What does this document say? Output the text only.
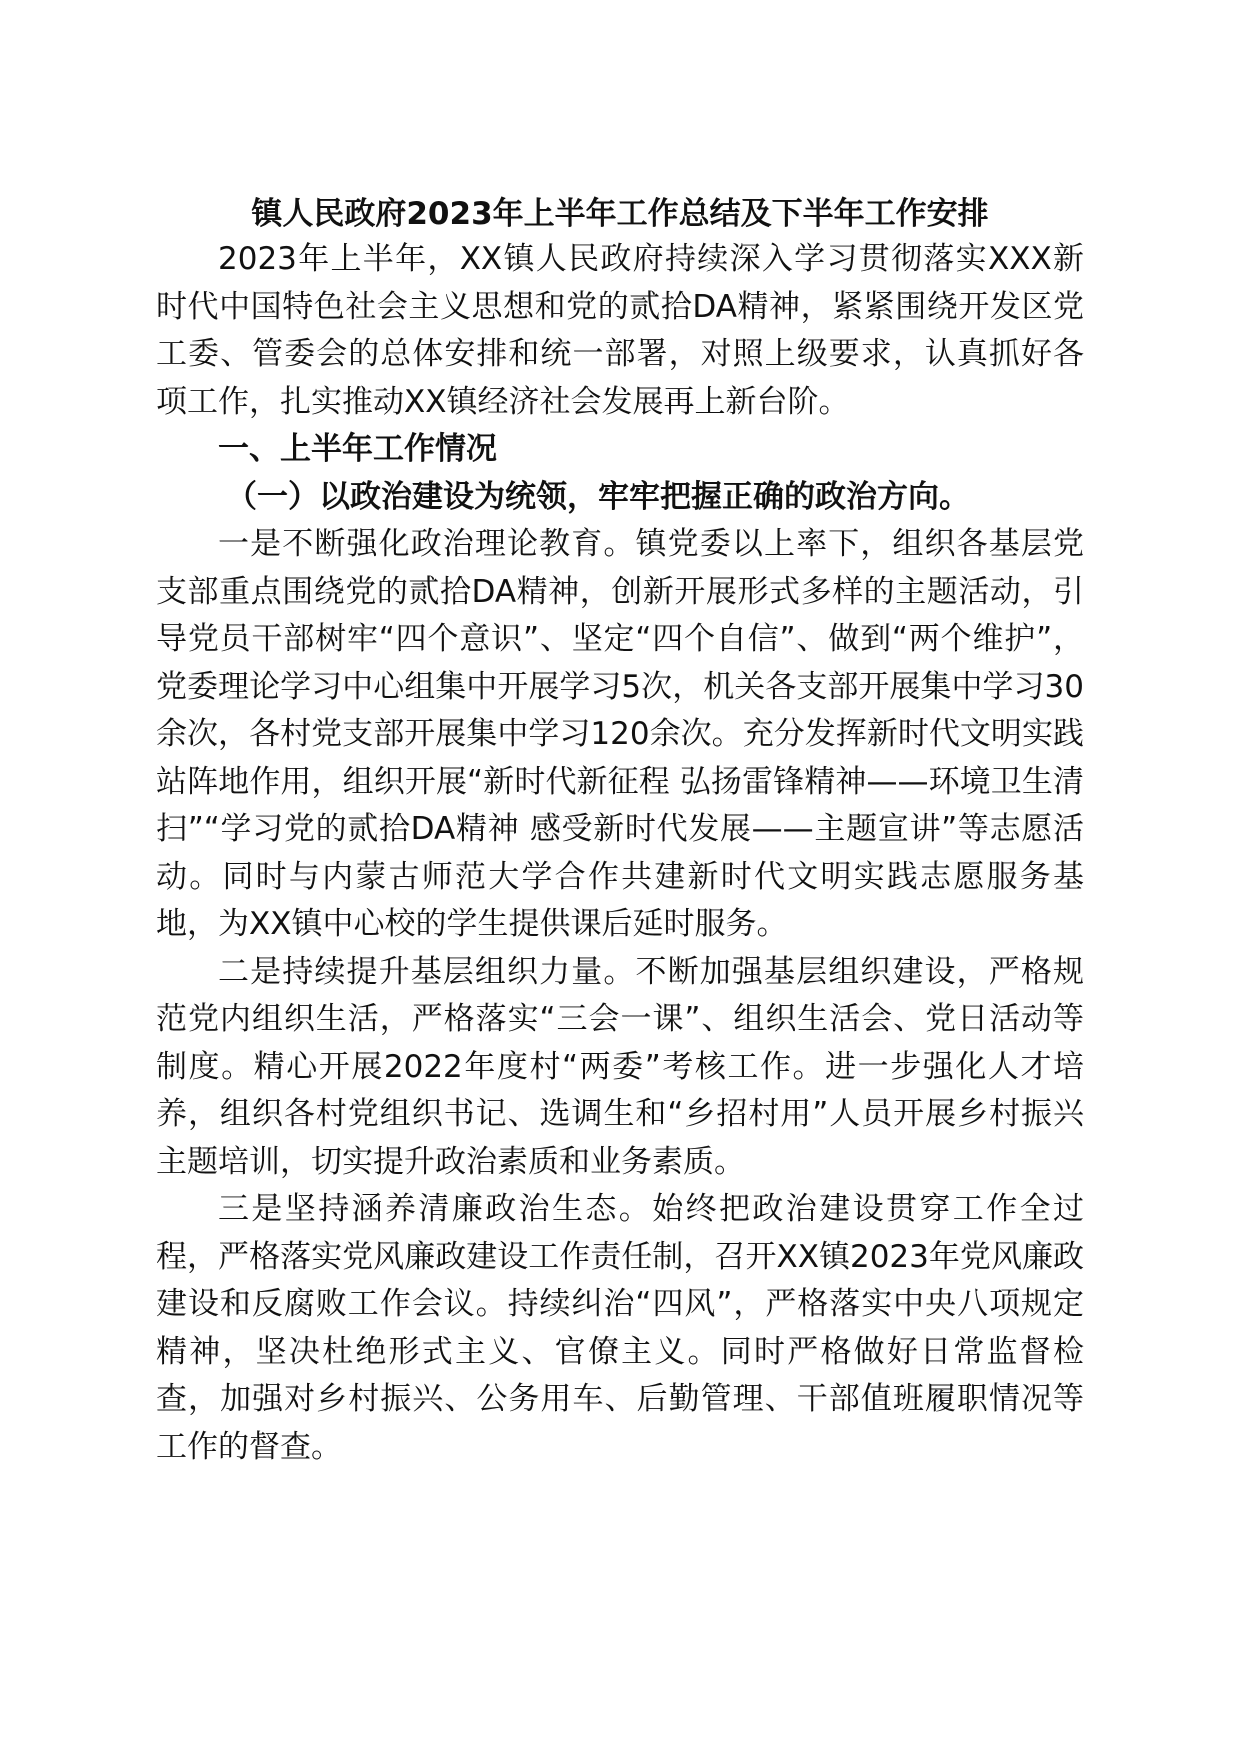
镇人民政府2023年上半年工作总结及下半年工作安排

2023年上半年，XX镇人民政府持续深入学习贯彻落实XXX新时代中国特色社会主义思想和党的贰拾DA精神，紧紧围绕开发区党工委、管委会的总体安排和统一部署，对照上级要求，认真抓好各项工作，扎实推动XX镇经济社会发展再上新台阶。

一、上半年工作情况
（一）以政治建设为统领，牢牢把握正确的政治方向。

一是不断强化政治理论教育。镇党委以上率下，组织各基层党支部重点围绕党的贰拾DA精神，创新开展形式多样的主题活动，引导党员干部树牢“四个意识”、坚定“四个自信”、做到“两个维护”，党委理论学习中心组集中开展学习5次，机关各支部开展集中学习30余次，各村党支部开展集中学习120余次。充分发挥新时代文明实践站阵地作用，组织开展“新时代新征程 弘扬雷锋精神——环境卫生清扫”“学习党的贰拾DA精神 感受新时代发展——主题宣讲”等志愿活动。同时与内蒙古师范大学合作共建新时代文明实践志愿服务基地，为XX镇中心校的学生提供课后延时服务。

二是持续提升基层组织力量。不断加强基层组织建设，严格规范党内组织生活，严格落实“三会一课”、组织生活会、党日活动等制度。精心开展2022年度村“两委”考核工作。进一步强化人才培养，组织各村党组织书记、选调生和“乡招村用”人员开展乡村振兴主题培训，切实提升政治素质和业务素质。

三是坚持涵养清廉政治生态。始终把政治建设贯穿工作全过程，严格落实党风廉政建设工作责任制，召开XX镇2023年党风廉政建设和反腐败工作会议。持续纠治“四风”，严格落实中央八项规定精神，坚决杜绝形式主义、官僚主义。同时严格做好日常监督检查，加强对乡村振兴、公务用车、后勤管理、干部值班履职情况等工作的督查。
